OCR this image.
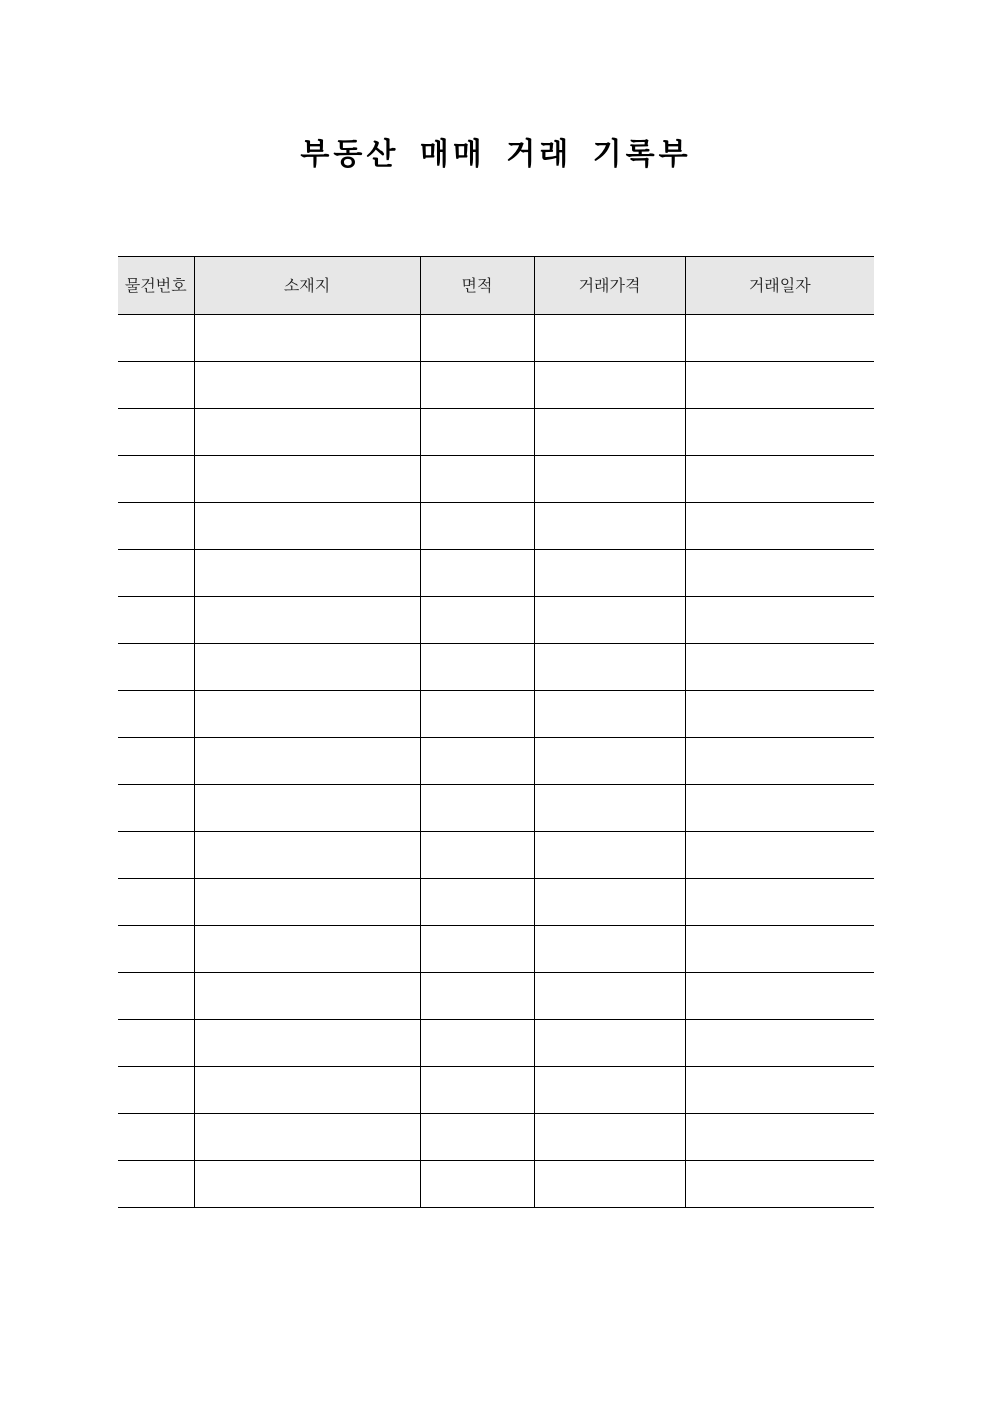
부동산 매매 거래 기록부
물건번호	소재지	면적	거래가격	거래일자
